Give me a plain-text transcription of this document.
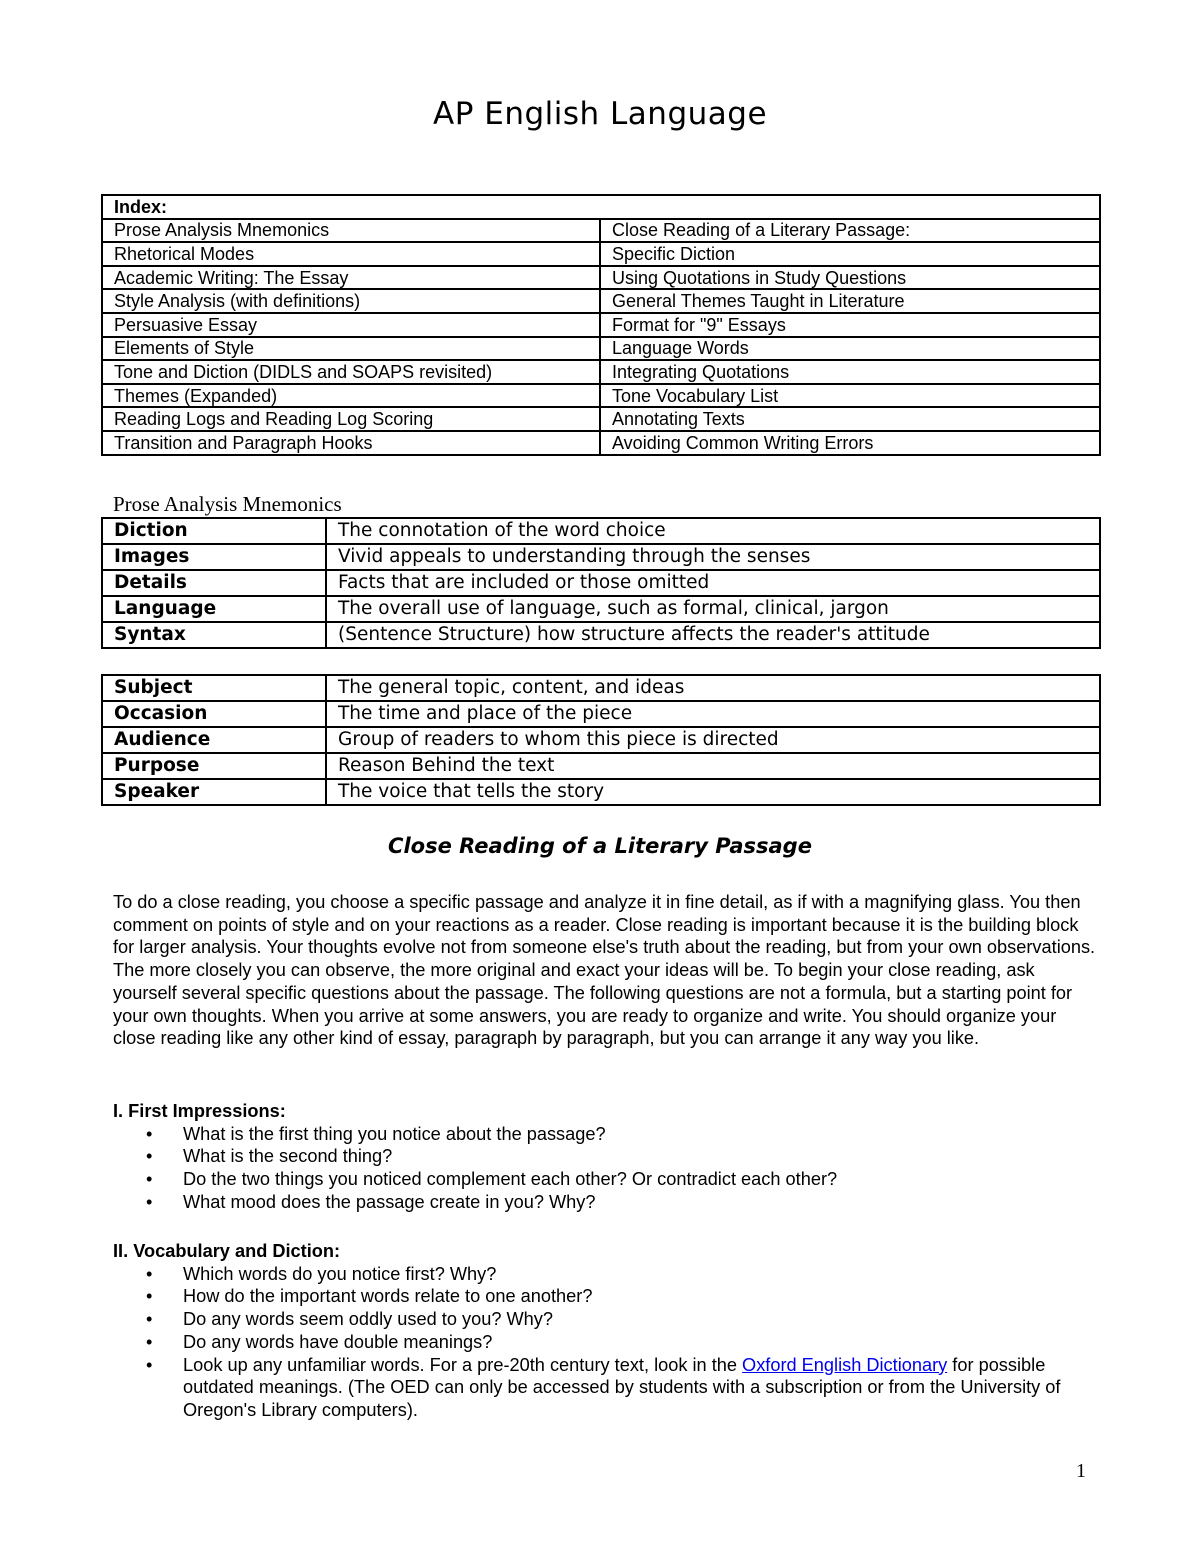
AP English Language
Index:	
Prose Analysis Mnemonics	Close Reading of a Literary Passage:
Rhetorical Modes	Specific Diction
Academic Writing: The Essay	Using Quotations in Study Questions
Style Analysis (with definitions)	General Themes Taught in Literature
Persuasive Essay	Format for "9" Essays
Elements of Style	Language Words
Tone and Diction (DIDLS and SOAPS revisited)	Integrating Quotations
Themes (Expanded)	Tone Vocabulary List
Reading Logs and Reading Log Scoring	Annotating Texts
Transition and Paragraph Hooks	Avoiding Common Writing Errors
Prose Analysis Mnemonics
Diction	The connotation of the word choice
Images	Vivid appeals to understanding through the senses
Details	Facts that are included or those omitted
Language	The overall use of language, such as formal, clinical, jargon
Syntax	(Sentence Structure) how structure affects the reader's attitude
Subject	The general topic, content, and ideas
Occasion	The time and place of the piece
Audience	Group of readers to whom this piece is directed
Purpose	Reason Behind the text
Speaker	The voice that tells the story
Close Reading of a Literary Passage
To do a close reading, you choose a specific passage and analyze it in fine detail, as if with a magnifying glass. You then comment on points of style and on your reactions as a reader. Close reading is important because it is the building block for larger analysis. Your thoughts evolve not from someone else's truth about the reading, but from your own observations. The more closely you can observe, the more original and exact your ideas will be. To begin your close reading, ask yourself several specific questions about the passage. The following questions are not a formula, but a starting point for your own thoughts. When you arrive at some answers, you are ready to organize and write. You should organize your close reading like any other kind of essay, paragraph by paragraph, but you can arrange it any way you like.
I. First Impressions:
• What is the first thing you notice about the passage?
• What is the second thing?
• Do the two things you noticed complement each other? Or contradict each other?
• What mood does the passage create in you? Why?
II. Vocabulary and Diction:
• Which words do you notice first? Why?
• How do the important words relate to one another?
• Do any words seem oddly used to you? Why?
• Do any words have double meanings?
• Look up any unfamiliar words. For a pre-20th century text, look in the Oxford English Dictionary for possible outdated meanings. (The OED can only be accessed by students with a subscription or from the University of Oregon's Library computers).
1
